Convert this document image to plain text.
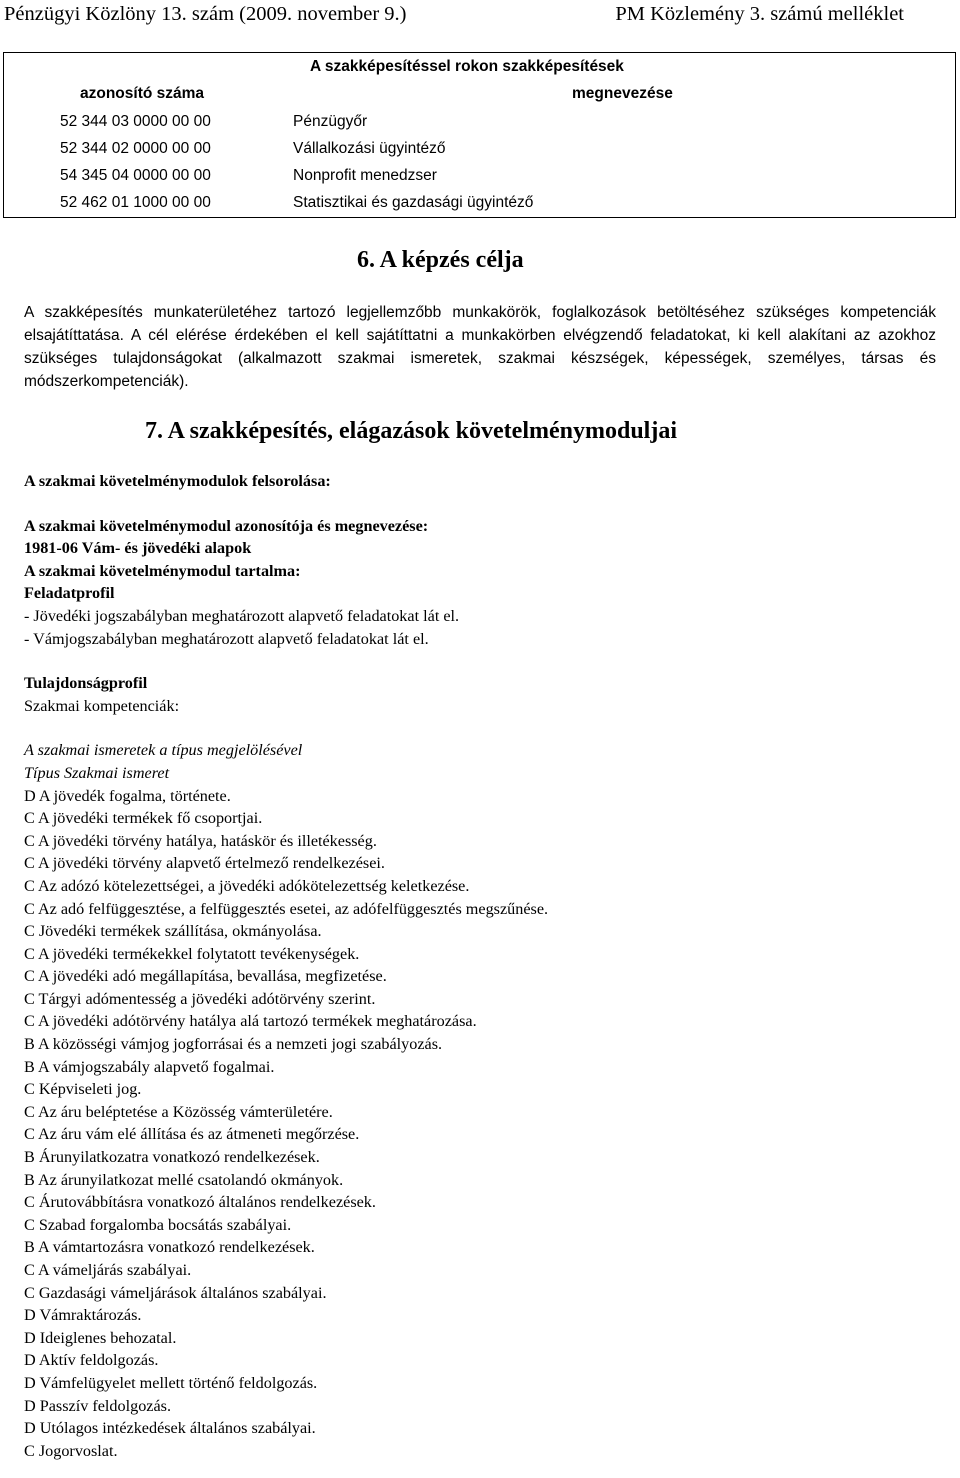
Pénzügyi Közlöny 13. szám (2009. november 9.)	PM Közlemény 3. számú melléklet
A szakképesítéssel rokon szakképesítések
azonosító száma	megnevezése
52 344 03 0000 00 00	Pénzügyőr
52 344 02 0000 00 00	Vállalkozási ügyintéző
54 345 04 0000 00 00	Nonprofit menedzser
52 462 01 1000 00 00	Statisztikai és gazdasági ügyintéző
6. A képzés célja
A szakképesítés munkaterületéhez tartozó legjellemzőbb munkakörök, foglalkozások betöltéséhez szükséges kompetenciák elsajátíttatása. A cél elérése érdekében el kell sajátíttatni a munkakörben elvégzendő feladatokat, ki kell alakítani az azokhoz szükséges tulajdonságokat (alkalmazott szakmai ismeretek, szakmai készségek, képességek, személyes, társas és módszerkompetenciák).
7. A szakképesítés, elágazások követelménymoduljai
A szakmai követelménymodulok felsorolása:
A szakmai követelménymodul azonosítója és megnevezése:
1981-06 Vám- és jövedéki alapok
A szakmai követelménymodul tartalma:
Feladatprofil
- Jövedéki jogszabályban meghatározott alapvető feladatokat lát el.
- Vámjogszabályban meghatározott alapvető feladatokat lát el.
Tulajdonságprofil
Szakmai kompetenciák:
A szakmai ismeretek a típus megjelölésével
Típus Szakmai ismeret
D A jövedék fogalma, története.
C A jövedéki termékek fő csoportjai.
C A jövedéki törvény hatálya, hatáskör és illetékesség.
C A jövedéki törvény alapvető értelmező rendelkezései.
C Az adózó kötelezettségei, a jövedéki adókötelezettség keletkezése.
C Az adó felfüggesztése, a felfüggesztés esetei, az adófelfüggesztés megszűnése.
C Jövedéki termékek szállítása, okmányolása.
C A jövedéki termékekkel folytatott tevékenységek.
C A jövedéki adó megállapítása, bevallása, megfizetése.
C Tárgyi adómentesség a jövedéki adótörvény szerint.
C A jövedéki adótörvény hatálya alá tartozó termékek meghatározása.
B A közösségi vámjog jogforrásai és a nemzeti jogi szabályozás.
B A vámjogszabály alapvető fogalmai.
C Képviseleti jog.
C Az áru beléptetése a Közösség vámterületére.
C Az áru vám elé állítása és az átmeneti megőrzése.
B Árunyilatkozatra vonatkozó rendelkezések.
B Az árunyilatkozat mellé csatolandó okmányok.
C Árutovábbításra vonatkozó általános rendelkezések.
C Szabad forgalomba bocsátás szabályai.
B A vámtartozásra vonatkozó rendelkezések.
C A vámeljárás szabályai.
C Gazdasági vámeljárások általános szabályai.
D Vámraktározás.
D Ideiglenes behozatal.
D Aktív feldolgozás.
D Vámfelügyelet mellett történő feldolgozás.
D Passzív feldolgozás.
D Utólagos intézkedések általános szabályai.
C Jogorvoslat.
